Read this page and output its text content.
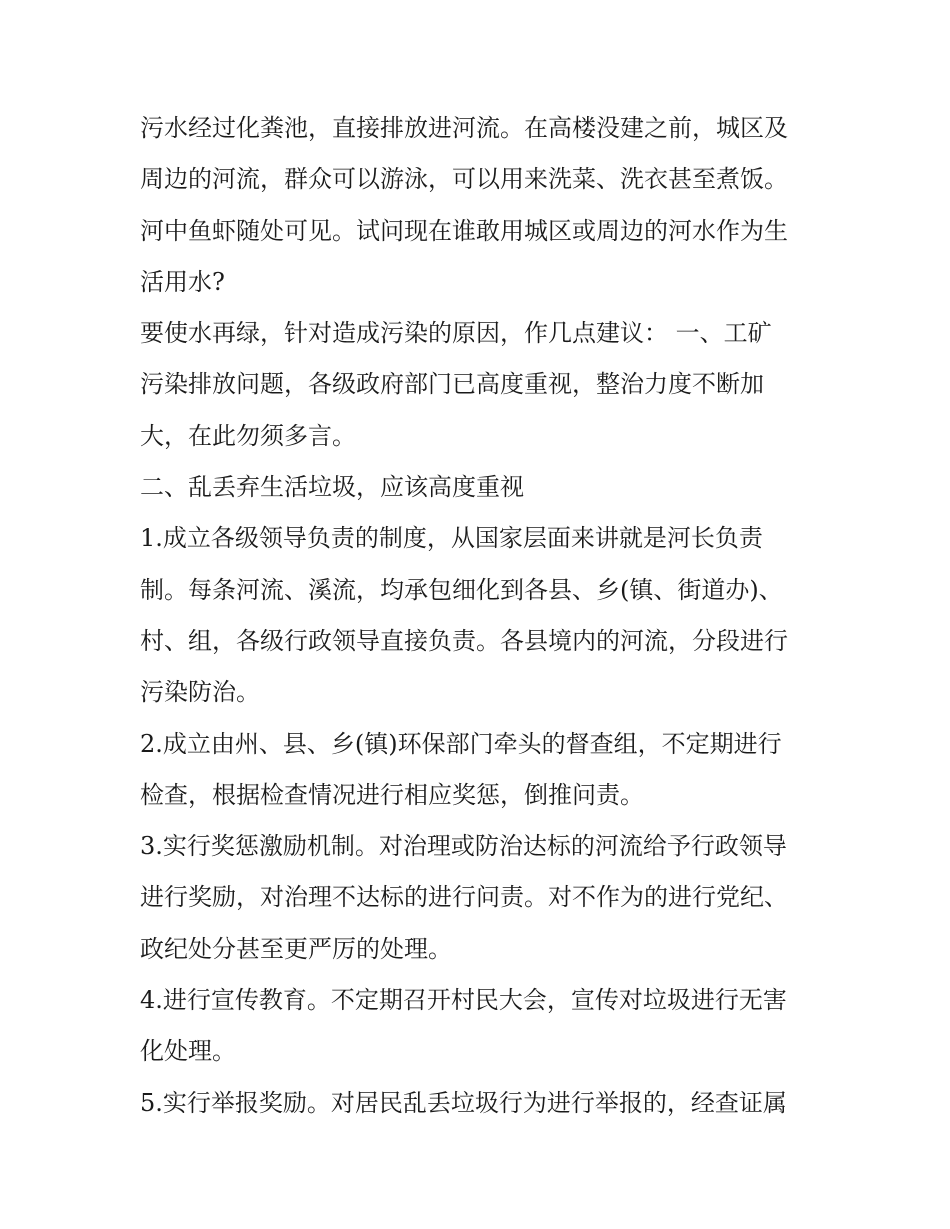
污水经过化粪池，直接排放进河流。在高楼没建之前，城区及
周边的河流，群众可以游泳，可以用来洗菜、洗衣甚至煮饭。
河中鱼虾随处可见。试问现在谁敢用城区或周边的河水作为生
活用水?
要使水再绿，针对造成污染的原因，作几点建议： 一、工矿
污染排放问题，各级政府部门已高度重视，整治力度不断加
大，在此勿须多言。
二、乱丢弃生活垃圾，应该高度重视
1.成立各级领导负责的制度，从国家层面来讲就是河长负责
制。每条河流、溪流，均承包细化到各县、乡(镇、街道办)、
村、组，各级行政领导直接负责。各县境内的河流，分段进行
污染防治。
2.成立由州、县、乡(镇)环保部门牵头的督查组，不定期进行
检查，根据检查情况进行相应奖惩，倒推问责。
3.实行奖惩激励机制。对治理或防治达标的河流给予行政领导
进行奖励，对治理不达标的进行问责。对不作为的进行党纪、
政纪处分甚至更严厉的处理。
4.进行宣传教育。不定期召开村民大会，宣传对垃圾进行无害
化处理。
5.实行举报奖励。对居民乱丢垃圾行为进行举报的，经查证属
